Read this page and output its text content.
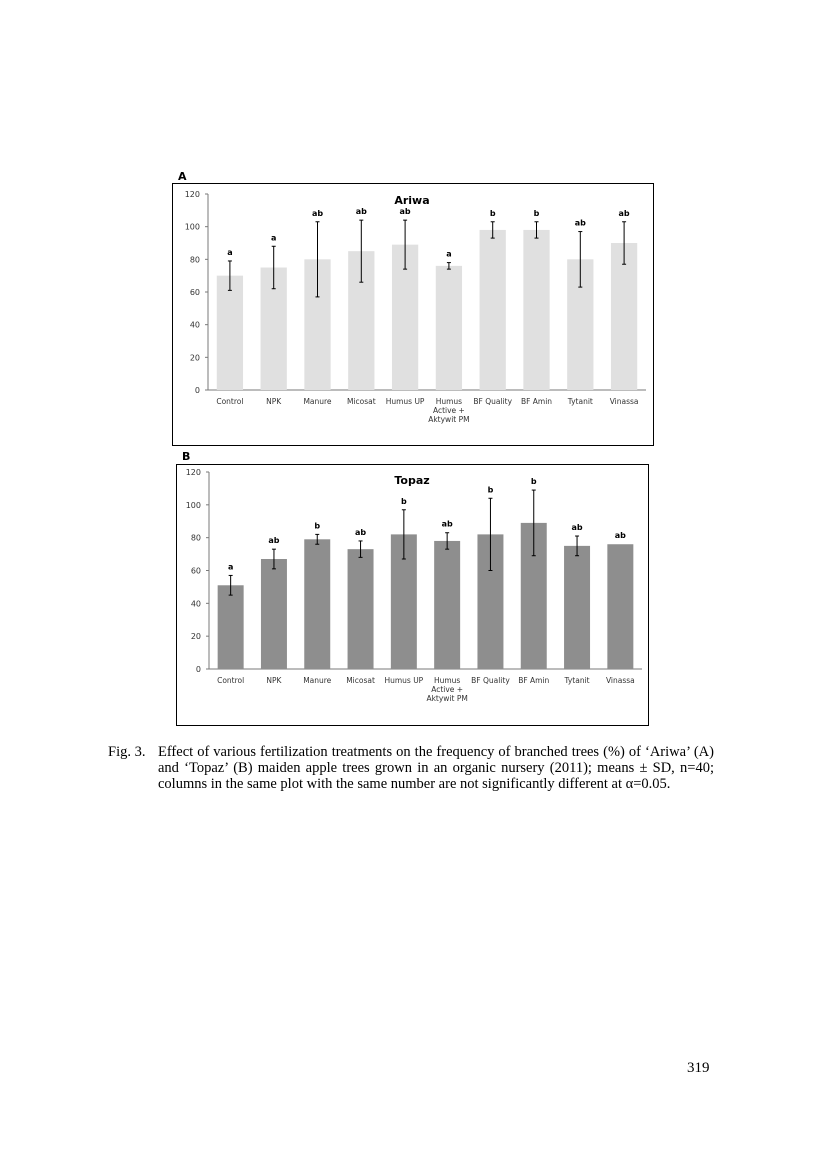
A
0
20
40
60
80
100
120	Ariwa
a
Control
a
NPK
ab
Manure
ab
Micosat
ab
Humus UP
a
Humus Active + Aktywit PM
b
BF Quality
b
BF Amin
ab
Tytanit
ab
Vinassa
B
0
20
40
60
80
100
120
Topaz
a
Control
ab
NPK
b
Manure
ab
Micosat
b
Humus UP
ab
Humus Active + Aktywit PM
b
BF Quality
b
BF Amin
ab
Tytanit
ab
Vinassa
Fig. 3. Effect of various fertilization treatments on the frequency of branched trees (%) of ‘Ariwa’ (A) and ‘Topaz’ (B) maiden apple trees grown in an organic nursery (2011); means ± SD, n=40; columns in the same plot with the same number are not significantly different at α=0.05.
319
